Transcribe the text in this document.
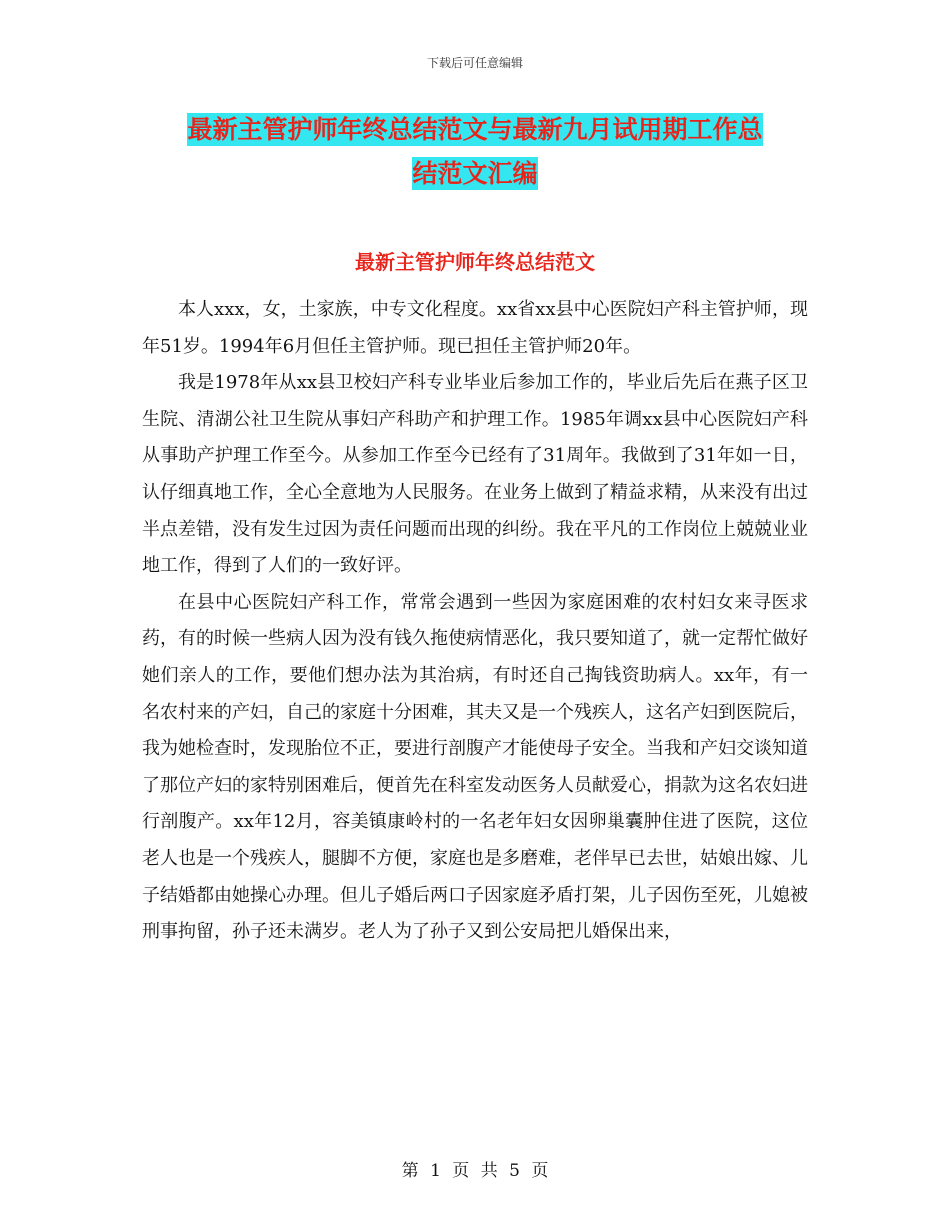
下载后可任意编辑
最新主管护师年终总结范文与最新九月试用期工作总
结范文汇编
最新主管护师年终总结范文

本人xxx，女，土家族，中专文化程度。xx省xx县中心医院妇产科主管护师，现年51岁。1994年6月但任主管护师。现已担任主管护师20年。

我是1978年从xx县卫校妇产科专业毕业后参加工作的，毕业后先后在燕子区卫生院、清湖公社卫生院从事妇产科助产和护理工作。1985年调xx县中心医院妇产科从事助产护理工作至今。从参加工作至今已经有了31周年。我做到了31年如一日，认仔细真地工作，全心全意地为人民服务。在业务上做到了精益求精，从来没有出过半点差错，没有发生过因为责任问题而出现的纠纷。我在平凡的工作岗位上兢兢业业地工作，得到了人们的一致好评。

在县中心医院妇产科工作，常常会遇到一些因为家庭困难的农村妇女来寻医求药，有的时候一些病人因为没有钱久拖使病情恶化，我只要知道了，就一定帮忙做好她们亲人的工作，要他们想办法为其治病，有时还自己掏钱资助病人。xx年，有一名农村来的产妇，自己的家庭十分困难，其夫又是一个残疾人，这名产妇到医院后，我为她检查时，发现胎位不正，要进行剖腹产才能使母子安全。当我和产妇交谈知道了那位产妇的家特别困难后，便首先在科室发动医务人员献爱心，捐款为这名农妇进行剖腹产。xx年12月，容美镇康岭村的一名老年妇女因卵巢囊肿住进了医院，这位老人也是一个残疾人，腿脚不方便，家庭也是多磨难，老伴早已去世，姑娘出嫁、儿子结婚都由她操心办理。但儿子婚后两口子因家庭矛盾打架，儿子因伤至死，儿媳被刑事拘留，孙子还未满岁。老人为了孙子又到公安局把儿婚保出来，

第 1 页 共 5 页
